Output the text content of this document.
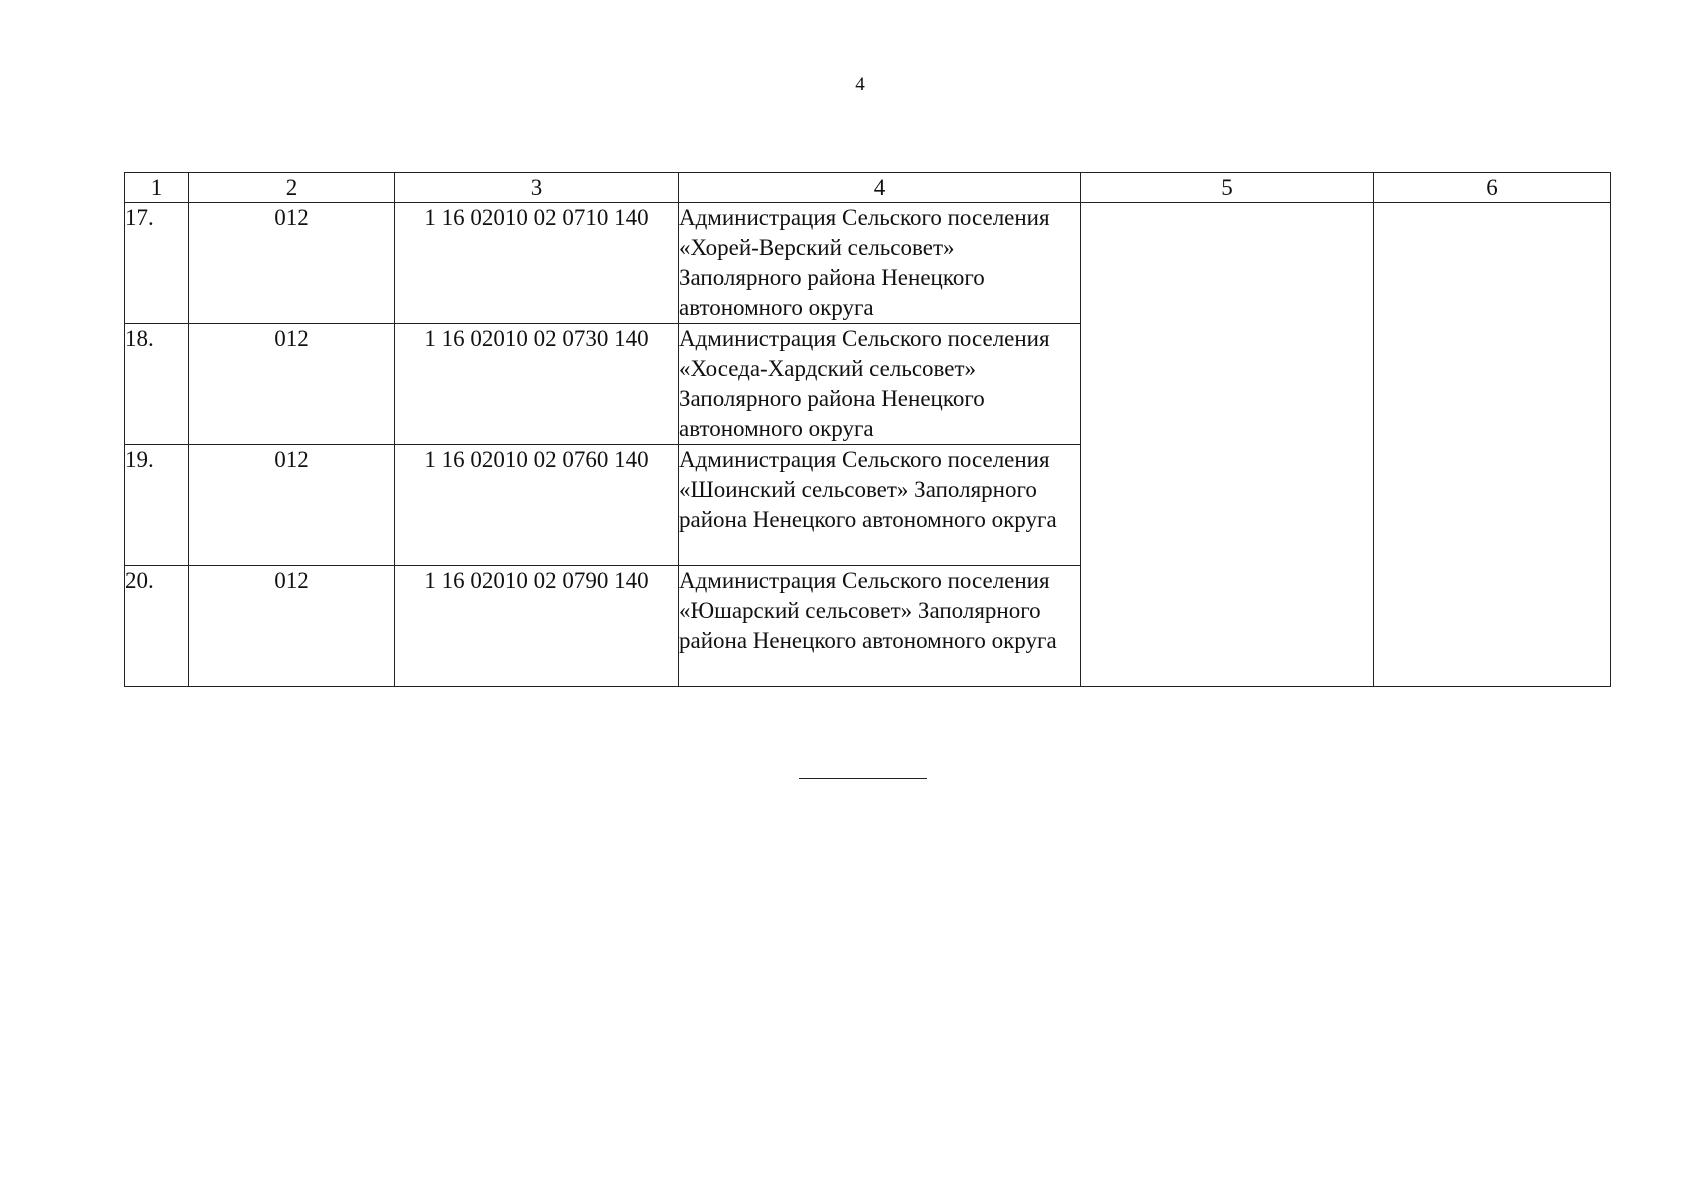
4
1	2	3	4	5	6
17.	012	1 16 02010 02 0710 140	Администрация Сельского поселения «Хорей-Верский сельсовет» Заполярного района Ненецкого автономного округа		
18.	012	1 16 02010 02 0730 140	Администрация Сельского поселения «Хоседа-Хардский сельсовет» Заполярного района Ненецкого автономного округа		
19.	012	1 16 02010 02 0760 140	Администрация Сельского поселения «Шоинский сельсовет» Заполярного района Ненецкого автономного округа		
20.	012	1 16 02010 02 0790 140	Администрация Сельского поселения «Юшарский сельсовет» Заполярного района Ненецкого автономного округа		
